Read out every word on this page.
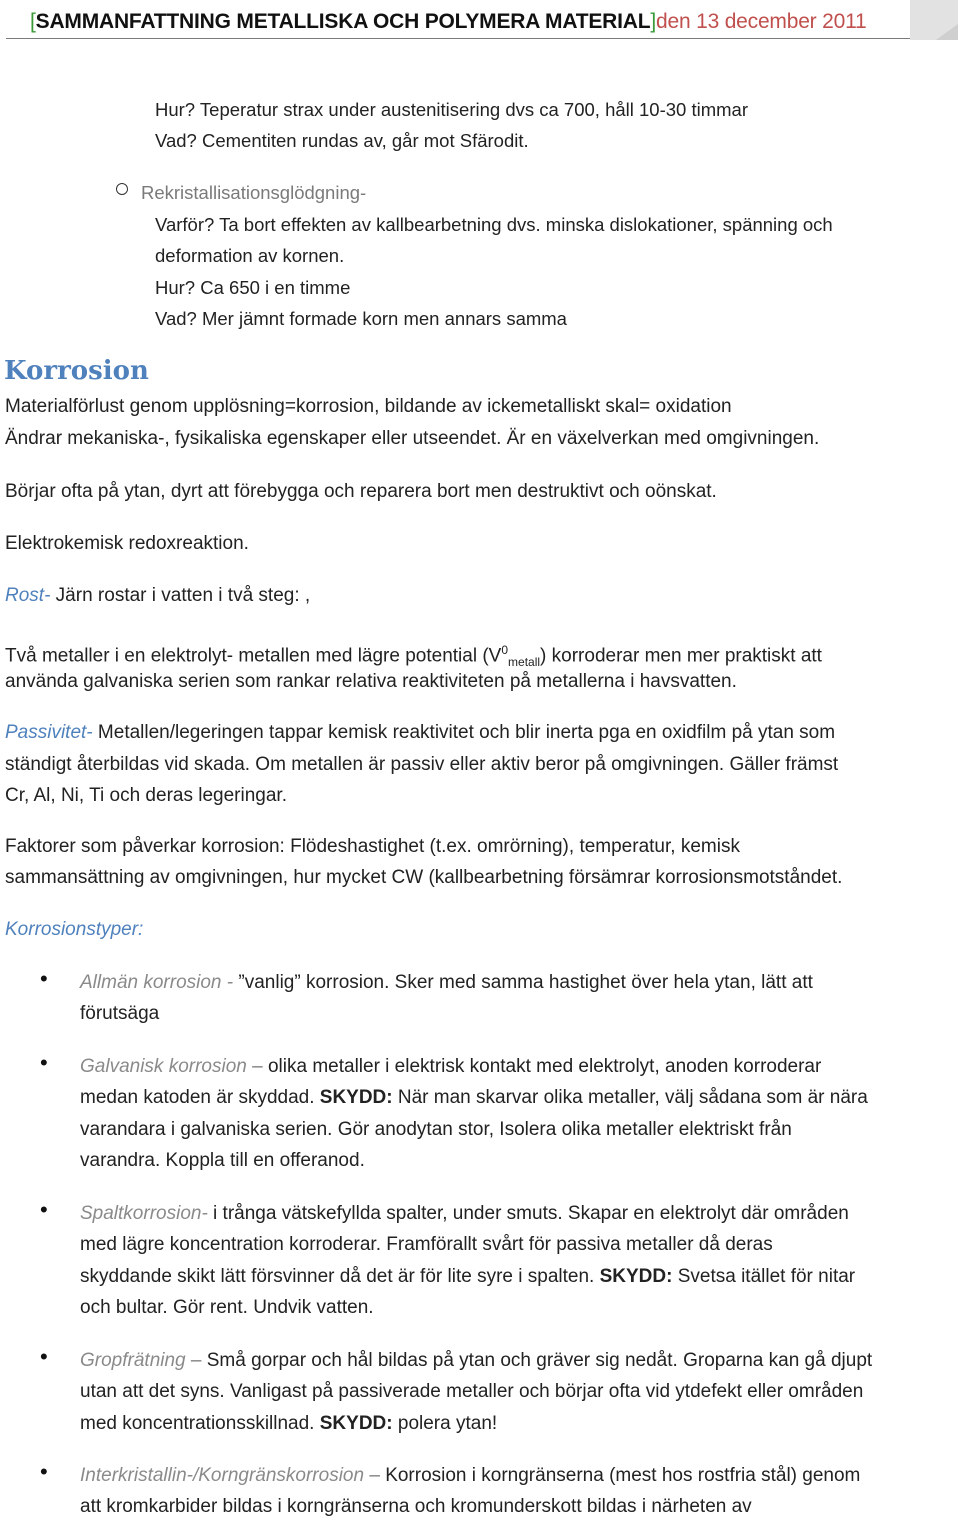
[SAMMANFATTNING METALLISKA OCH POLYMERA MATERIAL]den 13 december 2011
Hur? Teperatur strax under austenitisering dvs ca 700, håll 10-30 timmar
Vad? Cementiten rundas av, går mot Sfärodit.
Rekristallisationsglödgning-
Varför? Ta bort effekten av kallbearbetning dvs. minska dislokationer, spänning och
deformation av kornen.
Hur? Ca 650 i en timme
Vad? Mer jämnt formade korn men annars samma
Korrosion
Materialförlust genom upplösning=korrosion, bildande av ickemetalliskt skal= oxidation
Ändrar mekaniska-, fysikaliska egenskaper eller utseendet. Är en växelverkan med omgivningen.
Börjar ofta på ytan, dyrt att förebygga och reparera bort men destruktivt och oönskat.
Elektrokemisk redoxreaktion.
Rost- Järn rostar i vatten i två steg: ,
Två metaller i en elektrolyt- metallen med lägre potential $(V^0_{metall})$ korroderar men mer praktiskt att
använda galvaniska serien som rankar relativa reaktiviteten på metallerna i havsvatten.
Passivitet- Metallen/legeringen tappar kemisk reaktivitet och blir inerta pga en oxidfilm på ytan som
ständigt återbildas vid skada. Om metallen är passiv eller aktiv beror på omgivningen. Gäller främst
Cr, Al, Ni, Ti och deras legeringar.
Faktorer som påverkar korrosion: Flödeshastighet (t.ex. omrörning), temperatur, kemisk
sammansättning av omgivningen, hur mycket CW (kallbearbetning försämrar korrosionsmotståndet.
Korrosionstyper:
• Allmän korrosion - ”vanlig” korrosion. Sker med samma hastighet över hela ytan, lätt att
förutsäga
• Galvanisk korrosion – olika metaller i elektrisk kontakt med elektrolyt, anoden korroderar
medan katoden är skyddad. SKYDD: När man skarvar olika metaller, välj sådana som är nära
varandara i galvaniska serien. Gör anodytan stor, Isolera olika metaller elektriskt från
varandra. Koppla till en offeranod.
• Spaltkorrosion- i trånga vätskefyllda spalter, under smuts. Skapar en elektrolyt där områden
med lägre koncentration korroderar. Framförallt svårt för passiva metaller då deras
skyddande skikt lätt försvinner då det är för lite syre i spalten. SKYDD: Svetsa itället för nitar
och bultar. Gör rent. Undvik vatten.
• Gropfrätning – Små gorpar och hål bildas på ytan och gräver sig nedåt. Groparna kan gå djupt
utan att det syns. Vanligast på passiverade metaller och börjar ofta vid ytdefekt eller områden
med koncentrationsskillnad. SKYDD: polera ytan!
• Interkristallin-/Korngränskorrosion – Korrosion i korngränserna (mest hos rostfria stål) genom
att kromkarbider bildas i korngränserna och kromunderskott bildas i närheten av
